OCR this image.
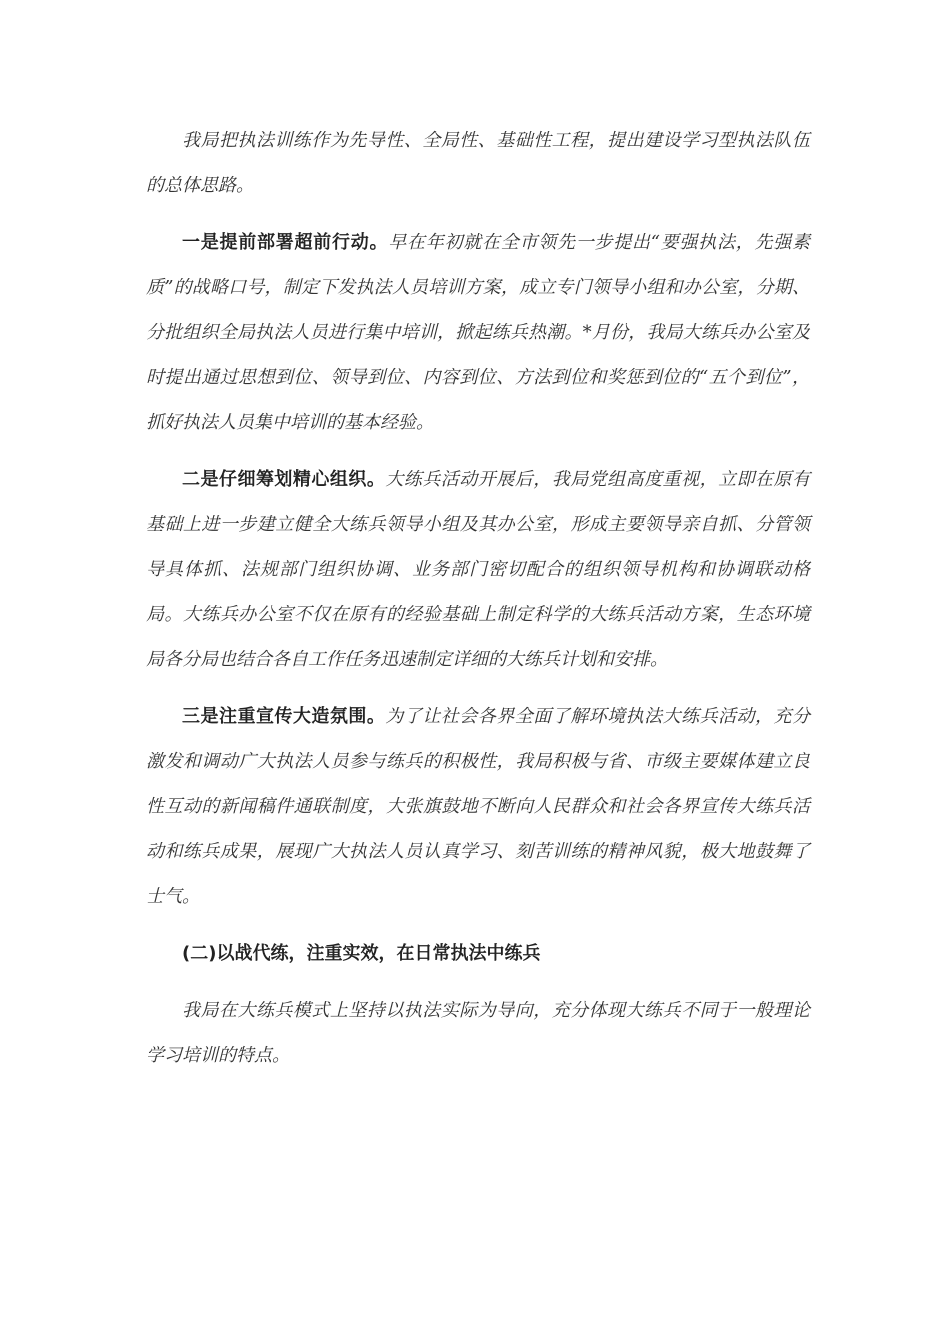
我局把执法训练作为先导性、全局性、基础性工程，提出建设学习型执法队伍的总体思路。

一是提前部署超前行动。早在年初就在全市领先一步提出“要强执法，先强素质”的战略口号，制定下发执法人员培训方案，成立专门领导小组和办公室，分期、分批组织全局执法人员进行集中培训，掀起练兵热潮。*月份，我局大练兵办公室及时提出通过思想到位、领导到位、内容到位、方法到位和奖惩到位的“五个到位”，抓好执法人员集中培训的基本经验。

二是仔细筹划精心组织。大练兵活动开展后，我局党组高度重视，立即在原有基础上进一步建立健全大练兵领导小组及其办公室，形成主要领导亲自抓、分管领导具体抓、法规部门组织协调、业务部门密切配合的组织领导机构和协调联动格局。大练兵办公室不仅在原有的经验基础上制定科学的大练兵活动方案，生态环境局各分局也结合各自工作任务迅速制定详细的大练兵计划和安排。

三是注重宣传大造氛围。为了让社会各界全面了解环境执法大练兵活动，充分激发和调动广大执法人员参与练兵的积极性，我局积极与省、市级主要媒体建立良性互动的新闻稿件通联制度，大张旗鼓地不断向人民群众和社会各界宣传大练兵活动和练兵成果，展现广大执法人员认真学习、刻苦训练的精神风貌，极大地鼓舞了士气。

(二)以战代练，注重实效，在日常执法中练兵

我局在大练兵模式上坚持以执法实际为导向，充分体现大练兵不同于一般理论学习培训的特点。
